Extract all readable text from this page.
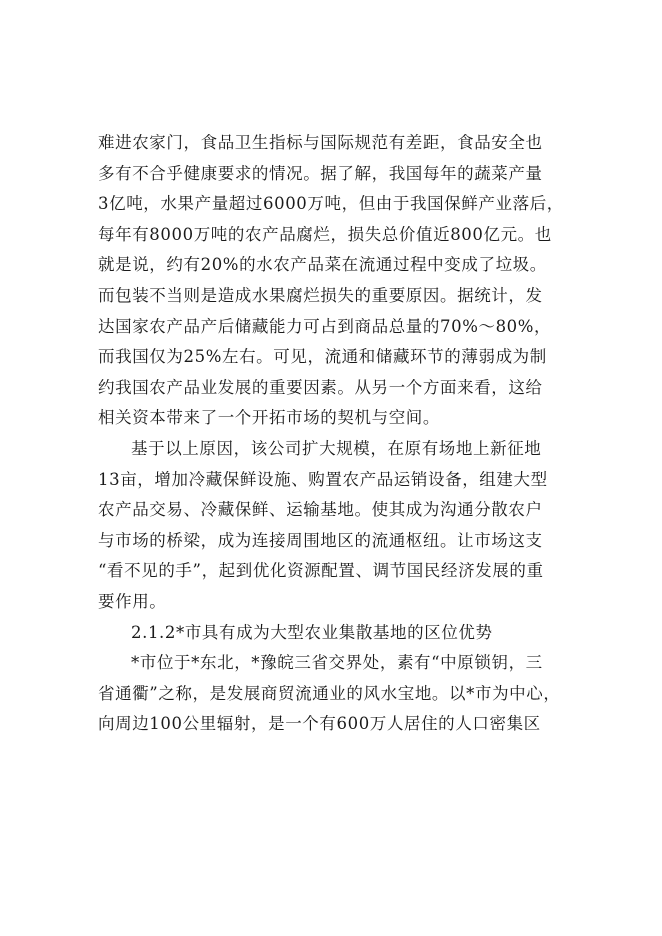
难进农家门，食品卫生指标与国际规范有差距，食品安全也
多有不合乎健康要求的情况。据了解，我国每年的蔬菜产量
3亿吨，水果产量超过6000万吨，但由于我国保鲜产业落后，
每年有8000万吨的农产品腐烂，损失总价值近800亿元。也
就是说，约有20%的水农产品菜在流通过程中变成了垃圾。
而包装不当则是造成水果腐烂损失的重要原因。据统计，发
达国家农产品产后储藏能力可占到商品总量的70%～80%，
而我国仅为25%左右。可见，流通和储藏环节的薄弱成为制
约我国农产品业发展的重要因素。从另一个方面来看，这给
相关资本带来了一个开拓市场的契机与空间。
基于以上原因，该公司扩大规模，在原有场地上新征地
13亩，增加冷藏保鲜设施、购置农产品运销设备，组建大型
农产品交易、冷藏保鲜、运输基地。使其成为沟通分散农户
与市场的桥梁，成为连接周围地区的流通枢纽。让市场这支
“看不见的手”，起到优化资源配置、调节国民经济发展的重
要作用。
2.1.2*市具有成为大型农业集散基地的区位优势
*市位于*东北，*豫皖三省交界处，素有“中原锁钥，三
省通衢”之称，是发展商贸流通业的风水宝地。以*市为中心，
向周边100公里辐射，是一个有600万人居住的人口密集区
